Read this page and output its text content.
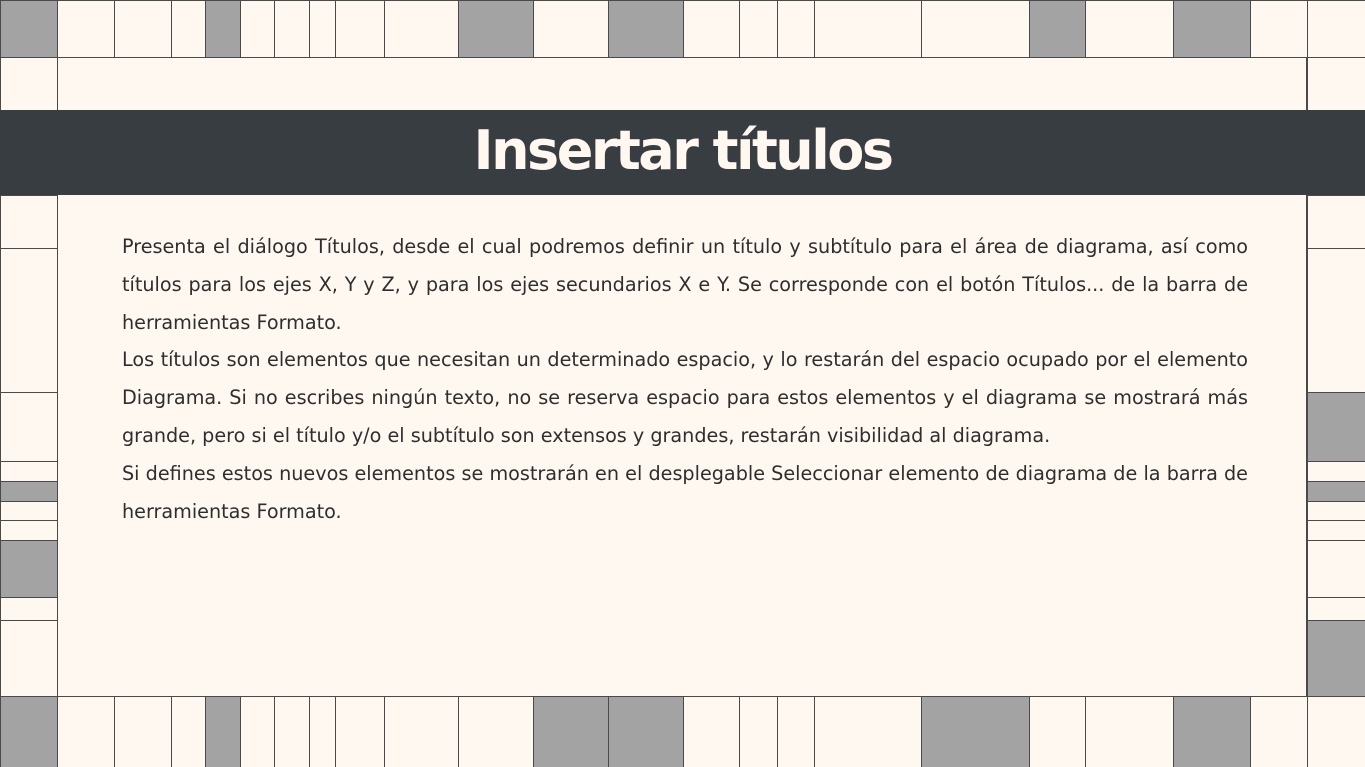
Insertar títulos

Presenta el diálogo Títulos, desde el cual podremos definir un título y subtítulo para el área de diagrama, así como títulos para los ejes X, Y y Z, y para los ejes secundarios X e Y. Se corresponde con el botón Títulos... de la barra de herramientas Formato.

Los títulos son elementos que necesitan un determinado espacio, y lo restarán del espacio ocupado por el elemento Diagrama. Si no escribes ningún texto, no se reserva espacio para estos elementos y el diagrama se mostrará más grande, pero si el título y/o el subtítulo son extensos y grandes, restarán visibilidad al diagrama.

Si defines estos nuevos elementos se mostrarán en el desplegable Seleccionar elemento de diagrama de la barra de herramientas Formato.
